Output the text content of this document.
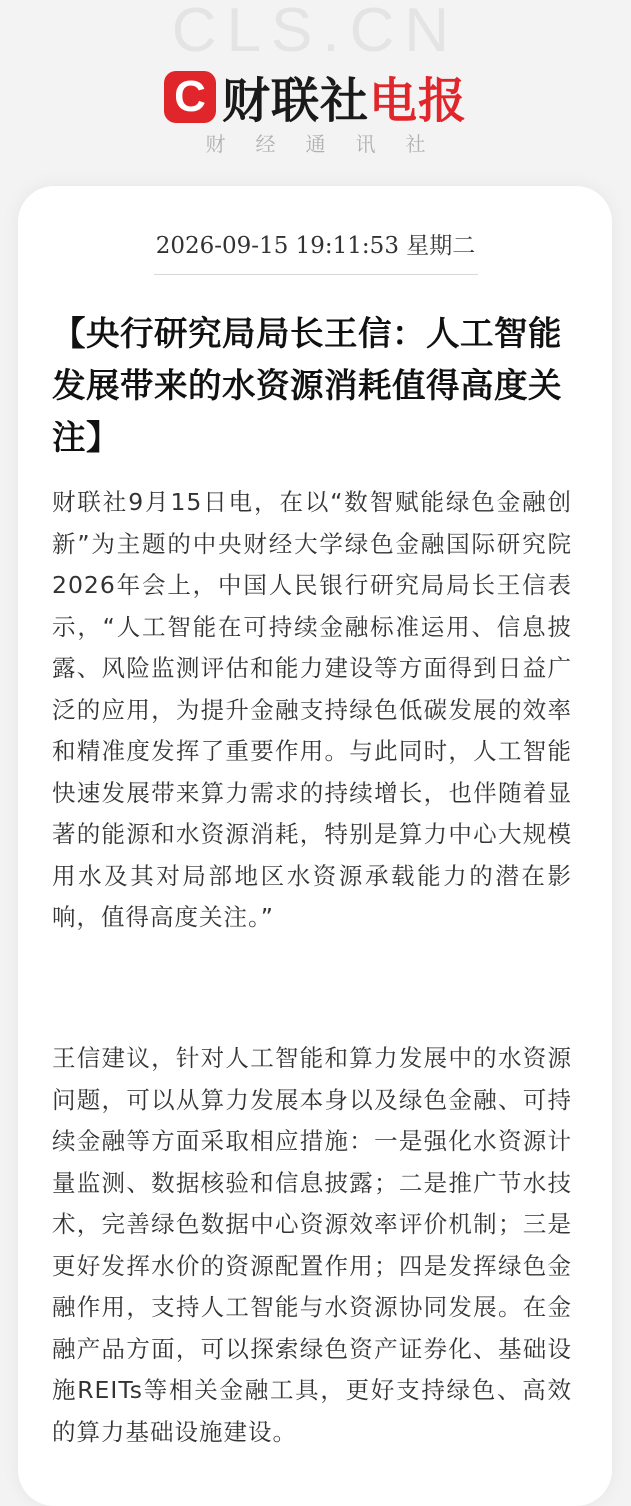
CLS.CN
C 财联社电报
财经通讯社
2026-09-15 19:11:53 星期二
【央行研究局局长王信：人工智能发展带来的水资源消耗值得高度关注】
财联社9月15日电，在以“数智赋能绿色金融创新”为主题的中央财经大学绿色金融国际研究院2026年会上，中国人民银行研究局局长王信表示，“人工智能在可持续金融标准运用、信息披露、风险监测评估和能力建设等方面得到日益广泛的应用，为提升金融支持绿色低碳发展的效率和精准度发挥了重要作用。与此同时，人工智能快速发展带来算力需求的持续增长，也伴随着显著的能源和水资源消耗，特别是算力中心大规模用水及其对局部地区水资源承载能力的潜在影响，值得高度关注。”
王信建议，针对人工智能和算力发展中的水资源问题，可以从算力发展本身以及绿色金融、可持续金融等方面采取相应措施：一是强化水资源计量监测、数据核验和信息披露；二是推广节水技术，完善绿色数据中心资源效率评价机制；三是更好发挥水价的资源配置作用；四是发挥绿色金融作用，支持人工智能与水资源协同发展。在金融产品方面，可以探索绿色资产证券化、基础设施REITs等相关金融工具，更好支持绿色、高效的算力基础设施建设。
